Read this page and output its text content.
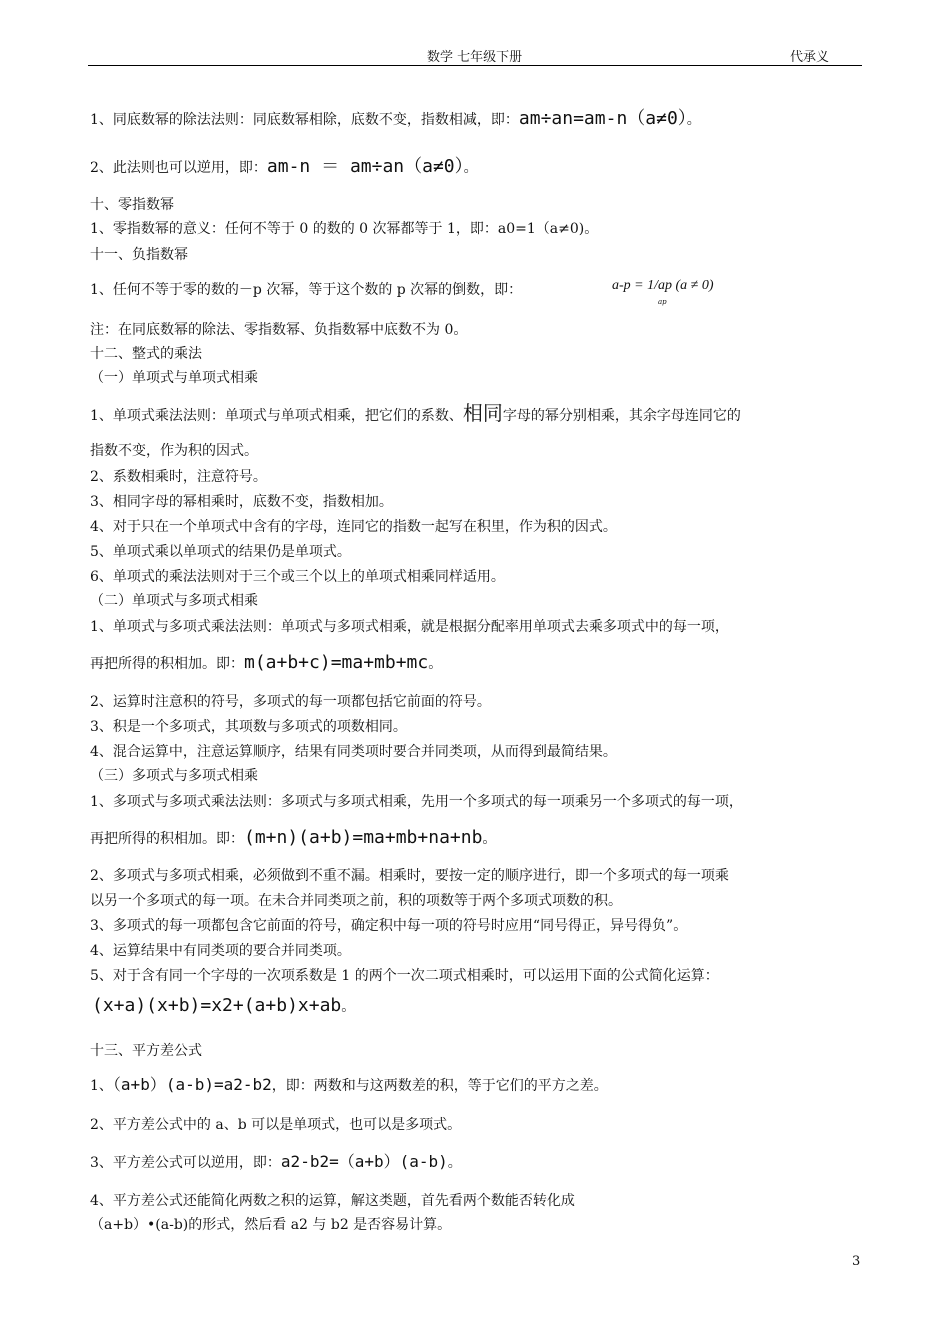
数学 七年级下册	代承义
1、同底数幂的除法法则：同底数幂相除，底数不变，指数相减，即：am÷an=am-n（a≠0）。
2、此法则也可以逆用，即：am-n ＝ am÷an（a≠0）。
十、零指数幂
1、零指数幂的意义：任何不等于 0 的数的 0 次幂都等于 1，即：a0=1（a≠0)。
十一、负指数幂
1、任何不等于零的数的－p 次幂，等于这个数的 p 次幂的倒数，即：	a-p = 1/ap (a ≠ 0)
ap
注：在同底数幂的除法、零指数幂、负指数幂中底数不为 0。
十二、整式的乘法
（一）单项式与单项式相乘
1、单项式乘法法则：单项式与单项式相乘，把它们的系数、相同字母的幂分别相乘，其余字母连同它的
指数不变，作为积的因式。
2、系数相乘时，注意符号。
3、相同字母的幂相乘时，底数不变，指数相加。
4、对于只在一个单项式中含有的字母，连同它的指数一起写在积里，作为积的因式。
5、单项式乘以单项式的结果仍是单项式。
6、单项式的乘法法则对于三个或三个以上的单项式相乘同样适用。
（二）单项式与多项式相乘
1、单项式与多项式乘法法则：单项式与多项式相乘，就是根据分配率用单项式去乘多项式中的每一项，
再把所得的积相加。即：m(a+b+c)=ma+mb+mc。
2、运算时注意积的符号，多项式的每一项都包括它前面的符号。
3、积是一个多项式，其项数与多项式的项数相同。
4、混合运算中，注意运算顺序，结果有同类项时要合并同类项，从而得到最简结果。
（三）多项式与多项式相乘
1、多项式与多项式乘法法则：多项式与多项式相乘，先用一个多项式的每一项乘另一个多项式的每一项，
再把所得的积相加。即：(m+n)(a+b)=ma+mb+na+nb。
2、多项式与多项式相乘，必须做到不重不漏。相乘时，要按一定的顺序进行，即一个多项式的每一项乘
以另一个多项式的每一项。在未合并同类项之前，积的项数等于两个多项式项数的积。
3、多项式的每一项都包含它前面的符号，确定积中每一项的符号时应用“同号得正，异号得负”。
4、运算结果中有同类项的要合并同类项。
5、对于含有同一个字母的一次项系数是 1 的两个一次二项式相乘时，可以运用下面的公式简化运算：
(x+a)(x+b)=x2+(a+b)x+ab。
十三、平方差公式
1、（a+b）(a-b)=a2-b2，即：两数和与这两数差的积，等于它们的平方之差。
2、平方差公式中的 a、b 可以是单项式，也可以是多项式。
3、平方差公式可以逆用，即：a2-b2=（a+b）(a-b)。
4、平方差公式还能简化两数之积的运算，解这类题，首先看两个数能否转化成
（a+b）•(a-b)的形式，然后看 a2 与 b2 是否容易计算。
3
